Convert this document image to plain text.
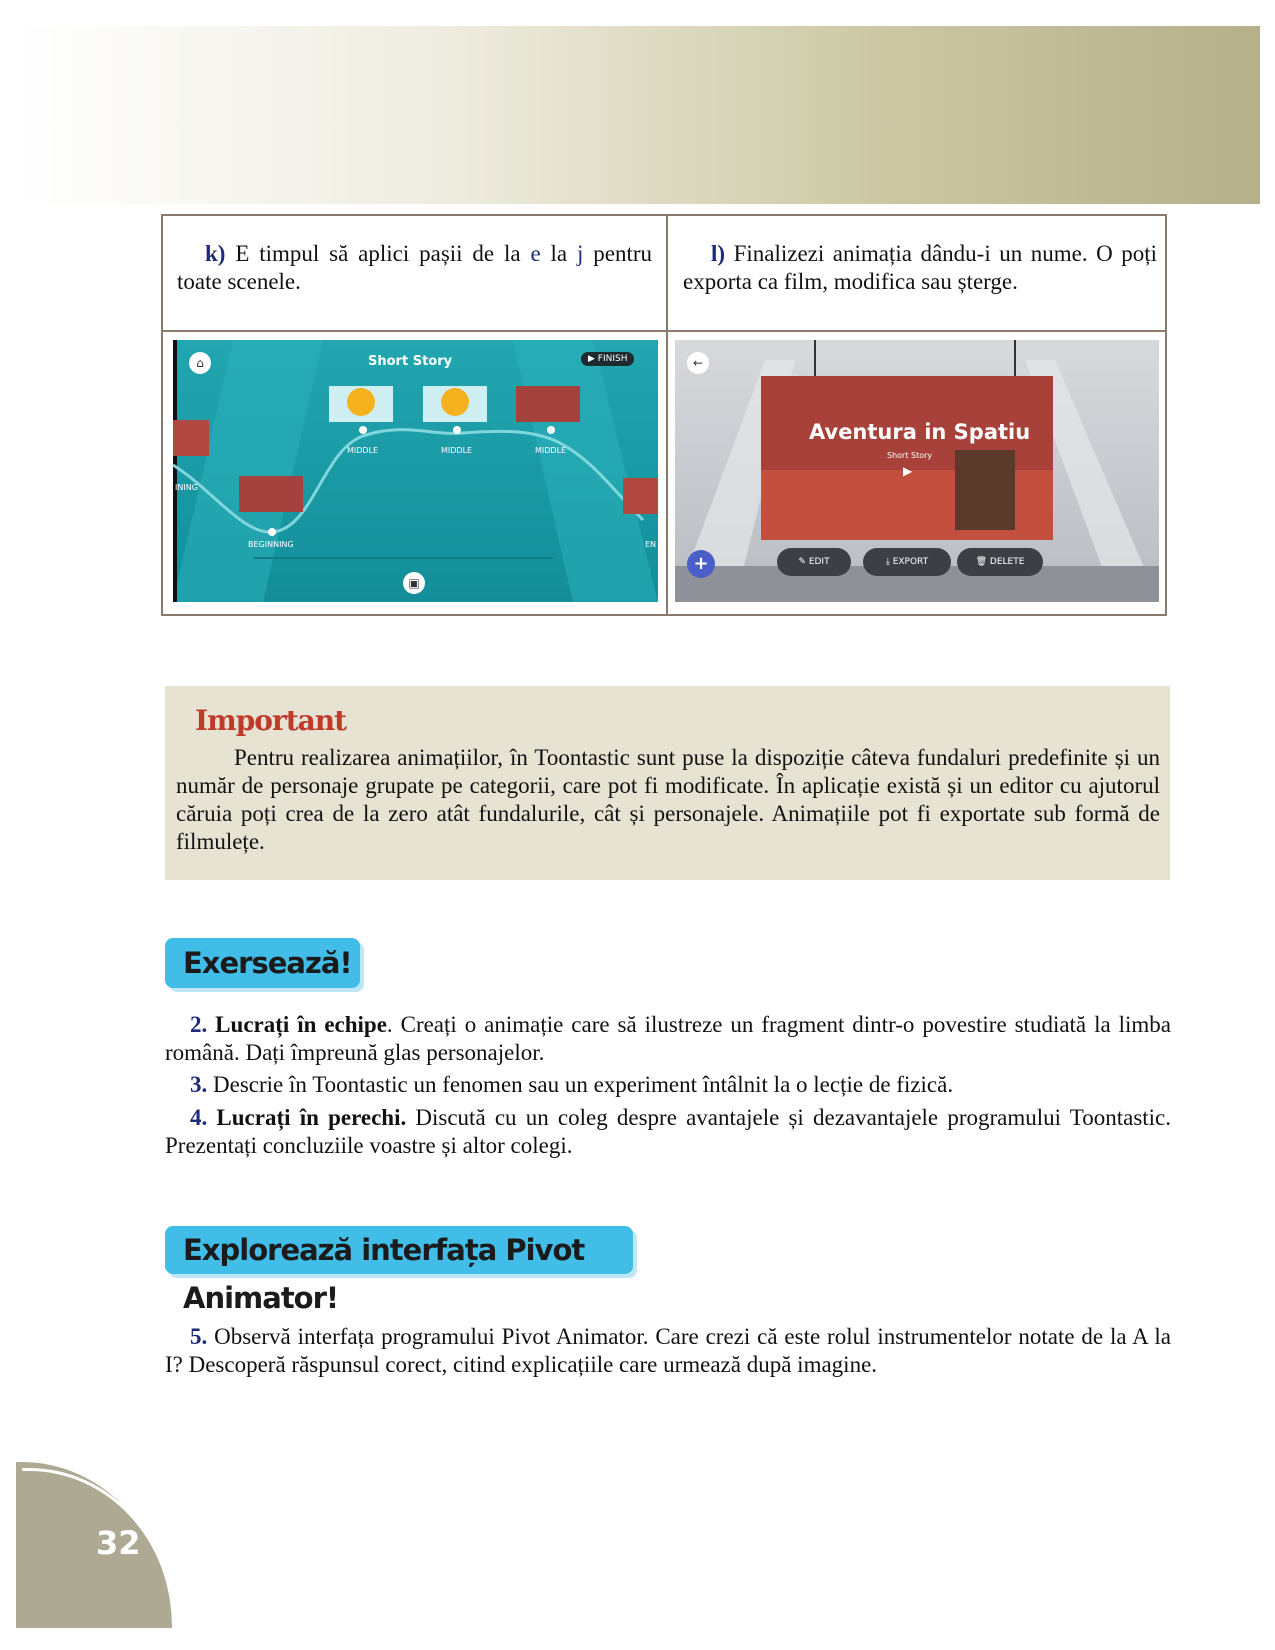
k) E timpul să aplici pașii de la e la j pentru toate scenele.
l) Finalizezi animația dându-i un nume. O poți exporta ca film, modifica sau șterge.
⌂	Short Story	▶ FINISH
MIDDLE	MIDDLE	MIDDLE
BEGINNING
INING
EN
▣
←
Aventura in Spatiu
Short Story
▶
+	✎ EDIT	⤓ EXPORT	🗑 DELETE
Important

Pentru realizarea animațiilor, în Toontastic sunt puse la dispoziție câteva fundaluri predefinite și un număr de personaje grupate pe categorii, care pot fi modificate. În aplicație există și un editor cu ajutorul căruia poți crea de la zero atât fundalurile, cât și personajele. Animațiile pot fi exportate sub formă de filmulețe.

Exersează!

2. Lucrați în echipe. Creați o animație care să ilustreze un fragment dintr-o povestire studiată la limba română. Dați împreună glas personajelor.

3. Descrie în Toontastic un fenomen sau un experiment întâlnit la o lecție de fizică.

4. Lucrați în perechi. Discută cu un coleg despre avantajele și dezavantajele programului Toontastic. Prezentați concluziile voastre și altor colegi.

Explorează interfața Pivot Animator!

5. Observă interfața programului Pivot Animator. Care crezi că este rolul instrumentelor notate de la A la I? Descoperă răspunsul corect, citind explicațiile care urmează după imagine.

32
